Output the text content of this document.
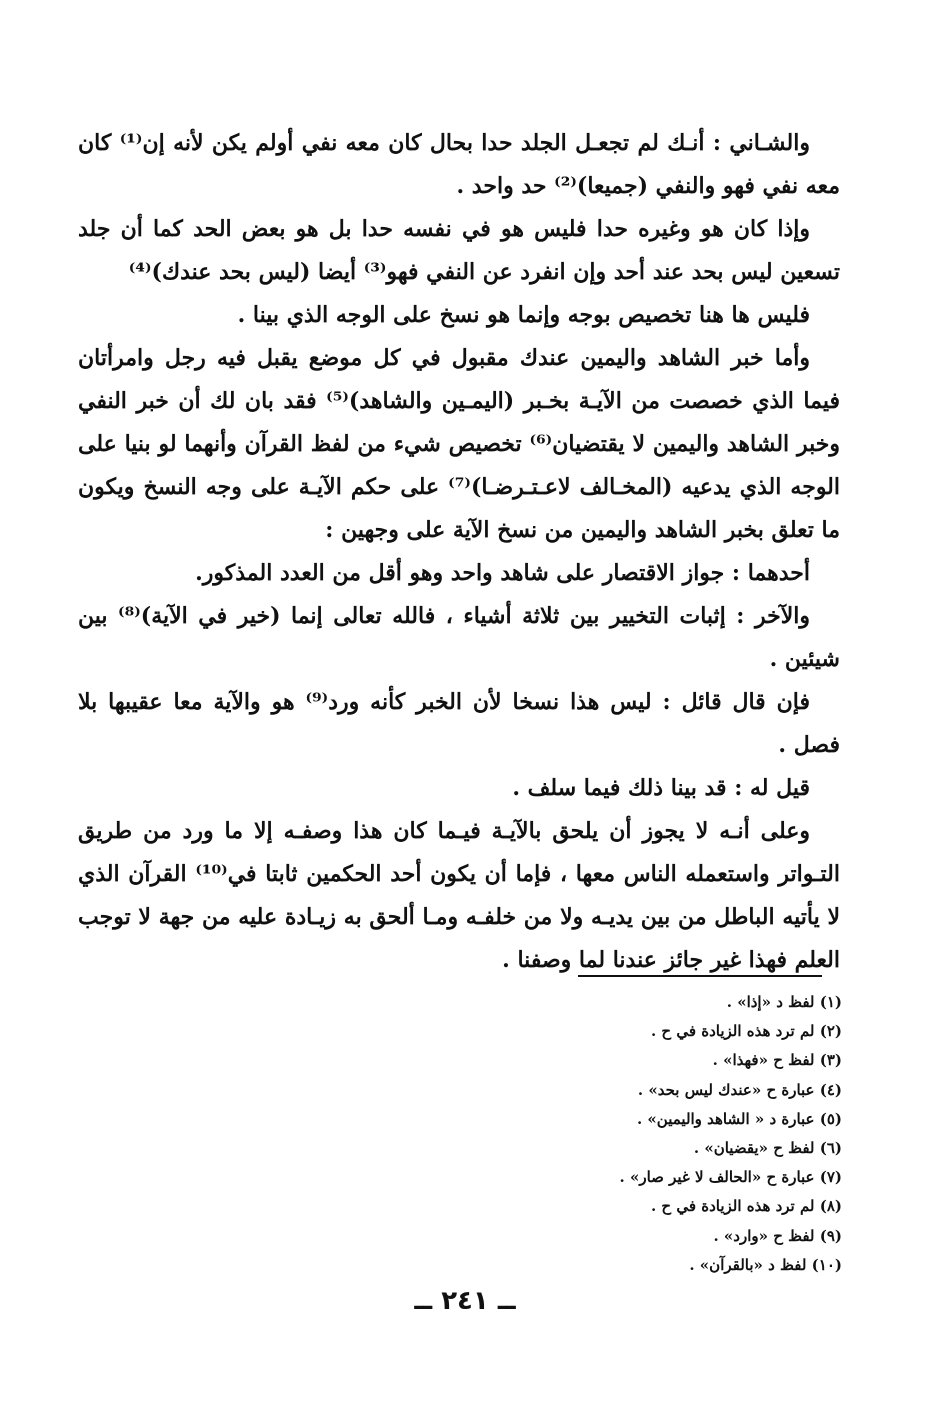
والشـاني : أنـك لم تجعـل الجلد حدا بحال كان معه نفي أولم يكن لأنه إن⁽¹⁾ كان معه نفي فهو والنفي (جميعا)⁽²⁾ حد واحد .

وإذا كان هو وغيره حدا فليس هو في نفسه حدا بل هو بعض الحد كما أن جلد تسعين ليس بحد عند أحد وإن انفرد عن النفي فهو⁽³⁾ أيضا (ليس بحد عندك)⁽⁴⁾

فليس ها هنا تخصيص بوجه وإنما هو نسخ على الوجه الذي بينا .

وأما خبر الشاهد واليمين عندك مقبول في كل موضع يقبل فيه رجل وامرأتان فيما الذي خصصت من الآيـة بخـبر (اليمـين والشاهد)⁽⁵⁾ فقد بان لك أن خبر النفي وخبر الشاهد واليمين لا يقتضيان⁽⁶⁾ تخصيص شيء من لفظ القرآن وأنهما لو بنيا على الوجه الذي يدعيه (المخـالف لاعـتـرضـا)⁽⁷⁾ على حكم الآيـة على وجه النسخ ويكون ما تعلق بخبر الشاهد واليمين من نسخ الآية على وجهين :

أحدهما : جواز الاقتصار على شاهد واحد وهو أقل من العدد المذكور.

والآخر : إثبات التخيير بين ثلاثة أشياء ، فالله تعالى إنما (خير في الآية)⁽⁸⁾ بين شيئين .

فإن قال قائل : ليس هذا نسخا لأن الخبر كأنه ورد⁽⁹⁾ هو والآية معا عقيبها بلا فصل .

قيل له : قد بينا ذلك فيما سلف .

وعلى أنـه لا يجوز أن يلحق بالآيـة فيـما كان هذا وصفـه إلا ما ورد من طريق التـواتر واستعمله الناس معها ، فإما أن يكون أحد الحكمين ثابتا في⁽¹⁰⁾ القرآن الذي لا يأتيه الباطل من بين يديـه ولا من خلفـه ومـا ألحق به زيـادة عليه من جهة لا توجب العلم فهذا غير جائز عندنا لما وصفنا .

(١) لفظ د «إذا» .
(٢) لم ترد هذه الزيادة في ح .
(٣) لفظ ح «فهذا» .
(٤) عبارة ح «عندك ليس بحد» .
(٥) عبارة د « الشاهد واليمين» .
(٦) لفظ ح «يقضيان» .
(٧) عبارة ح «الحالف لا غير صار» .
(٨) لم ترد هذه الزيادة في ح .
(٩) لفظ ح «وارد» .
(١٠) لفظ د «بالقرآن» .
ــ ٢٤١ ــ
